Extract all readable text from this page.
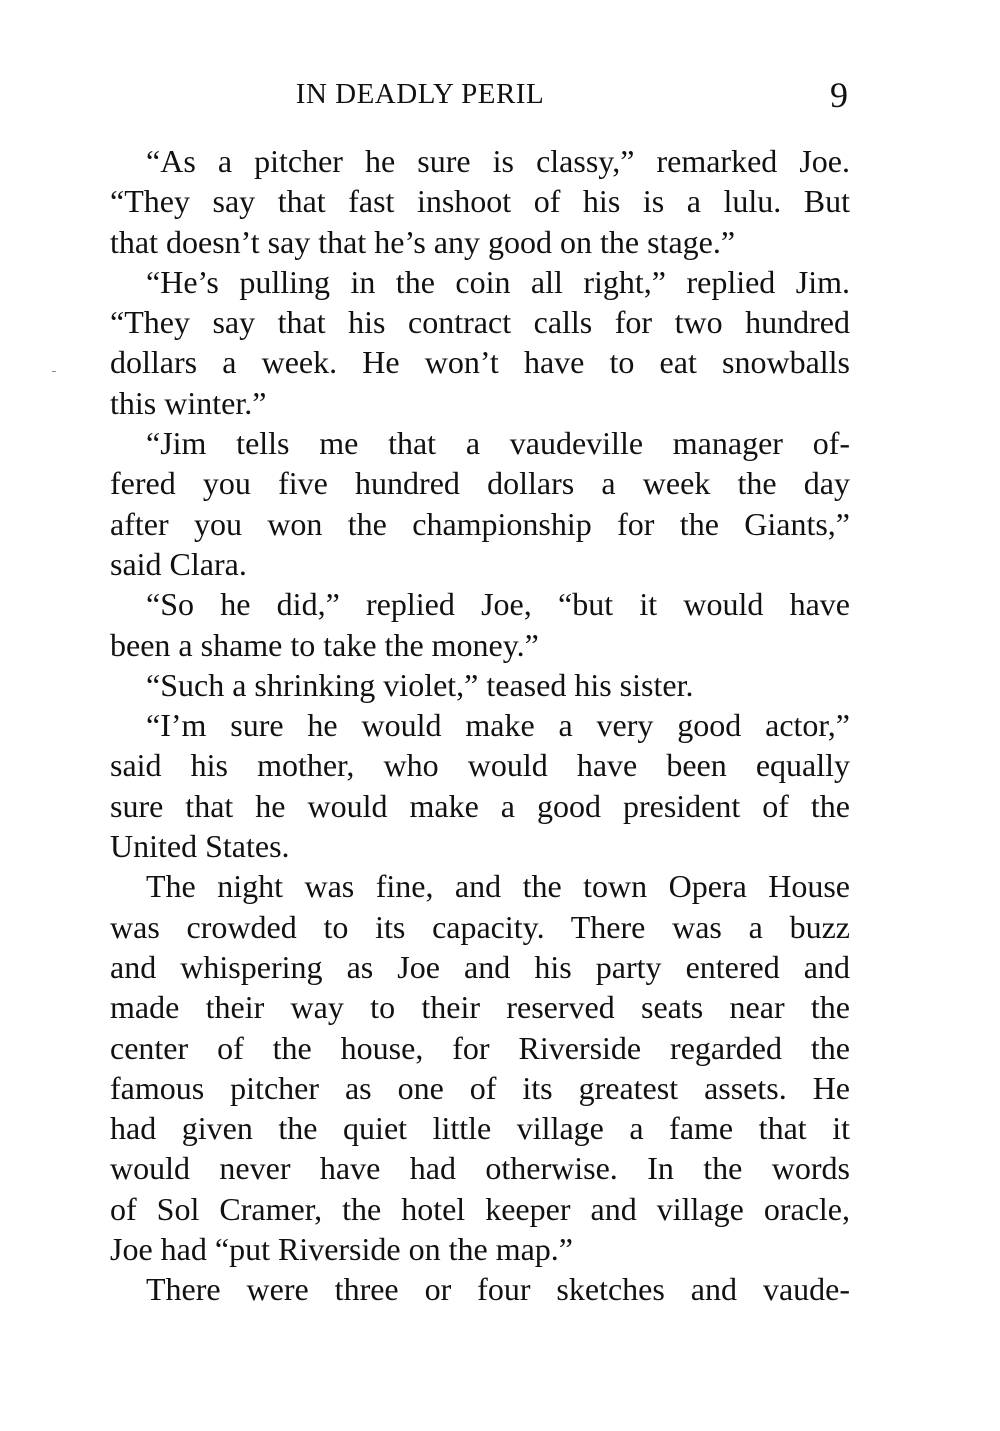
IN DEADLY PERIL	9
“As a pitcher he sure is classy,” remarked Joe.
“They say that fast inshoot of his is a lulu. But
that doesn’t say that he’s any good on the stage.”
“He’s pulling in the coin all right,” replied Jim.
“They say that his contract calls for two hundred
dollars a week. He won’t have to eat snowballs
this winter.”
“Jim tells me that a vaudeville manager of-
fered you five hundred dollars a week the day
after you won the championship for the Giants,”
said Clara.
“So he did,” replied Joe, “but it would have
been a shame to take the money.”
“Such a shrinking violet,” teased his sister.
“I’m sure he would make a very good actor,”
said his mother, who would have been equally
sure that he would make a good president of the
United States.
The night was fine, and the town Opera House
was crowded to its capacity. There was a buzz
and whispering as Joe and his party entered and
made their way to their reserved seats near the
center of the house, for Riverside regarded the
famous pitcher as one of its greatest assets. He
had given the quiet little village a fame that it
would never have had otherwise. In the words
of Sol Cramer, the hotel keeper and village oracle,
Joe had “put Riverside on the map.”
There were three or four sketches and vaude-
